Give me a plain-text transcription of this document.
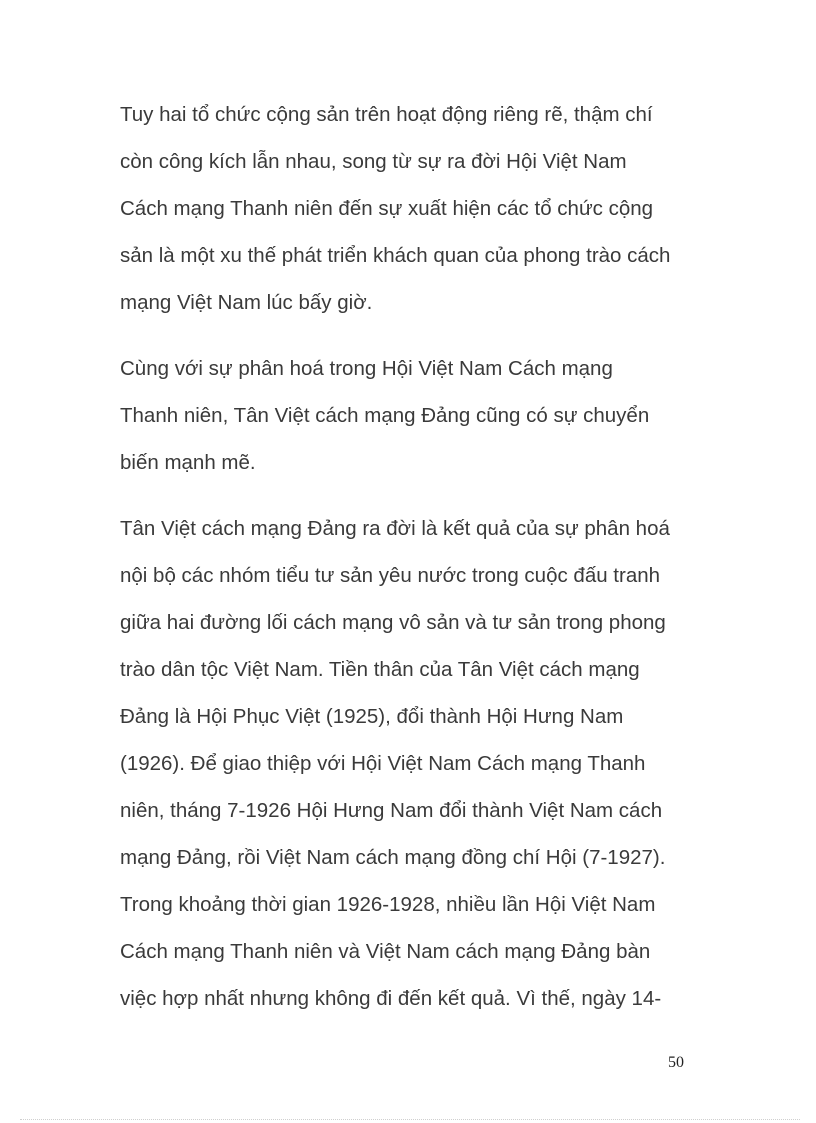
Tuy hai tổ chức cộng sản trên hoạt động riêng rẽ, thậm chí
còn công kích lẫn nhau, song từ sự ra đời Hội Việt Nam
Cách mạng Thanh niên đến sự xuất hiện các tổ chức cộng
sản là một xu thế phát triển khách quan của phong trào cách
mạng Việt Nam lúc bấy giờ.
Cùng với sự phân hoá trong Hội Việt Nam Cách mạng
Thanh niên, Tân Việt cách mạng Đảng cũng có sự chuyển
biến mạnh mẽ.
Tân Việt cách mạng Đảng ra đời là kết quả của sự phân hoá
nội bộ các nhóm tiểu tư sản yêu nước trong cuộc đấu tranh
giữa hai đường lối cách mạng vô sản và tư sản trong phong
trào dân tộc Việt Nam. Tiền thân của Tân Việt cách mạng
Đảng là Hội Phục Việt (1925), đổi thành Hội Hưng Nam
(1926). Để giao thiệp với Hội Việt Nam Cách mạng Thanh
niên, tháng 7-1926 Hội Hưng Nam đổi thành Việt Nam cách
mạng Đảng, rồi Việt Nam cách mạng đồng chí Hội (7-1927).
Trong khoảng thời gian 1926-1928, nhiều lần Hội Việt Nam
Cách mạng Thanh niên và Việt Nam cách mạng Đảng bàn
việc hợp nhất nhưng không đi đến kết quả. Vì thế, ngày 14-
50
